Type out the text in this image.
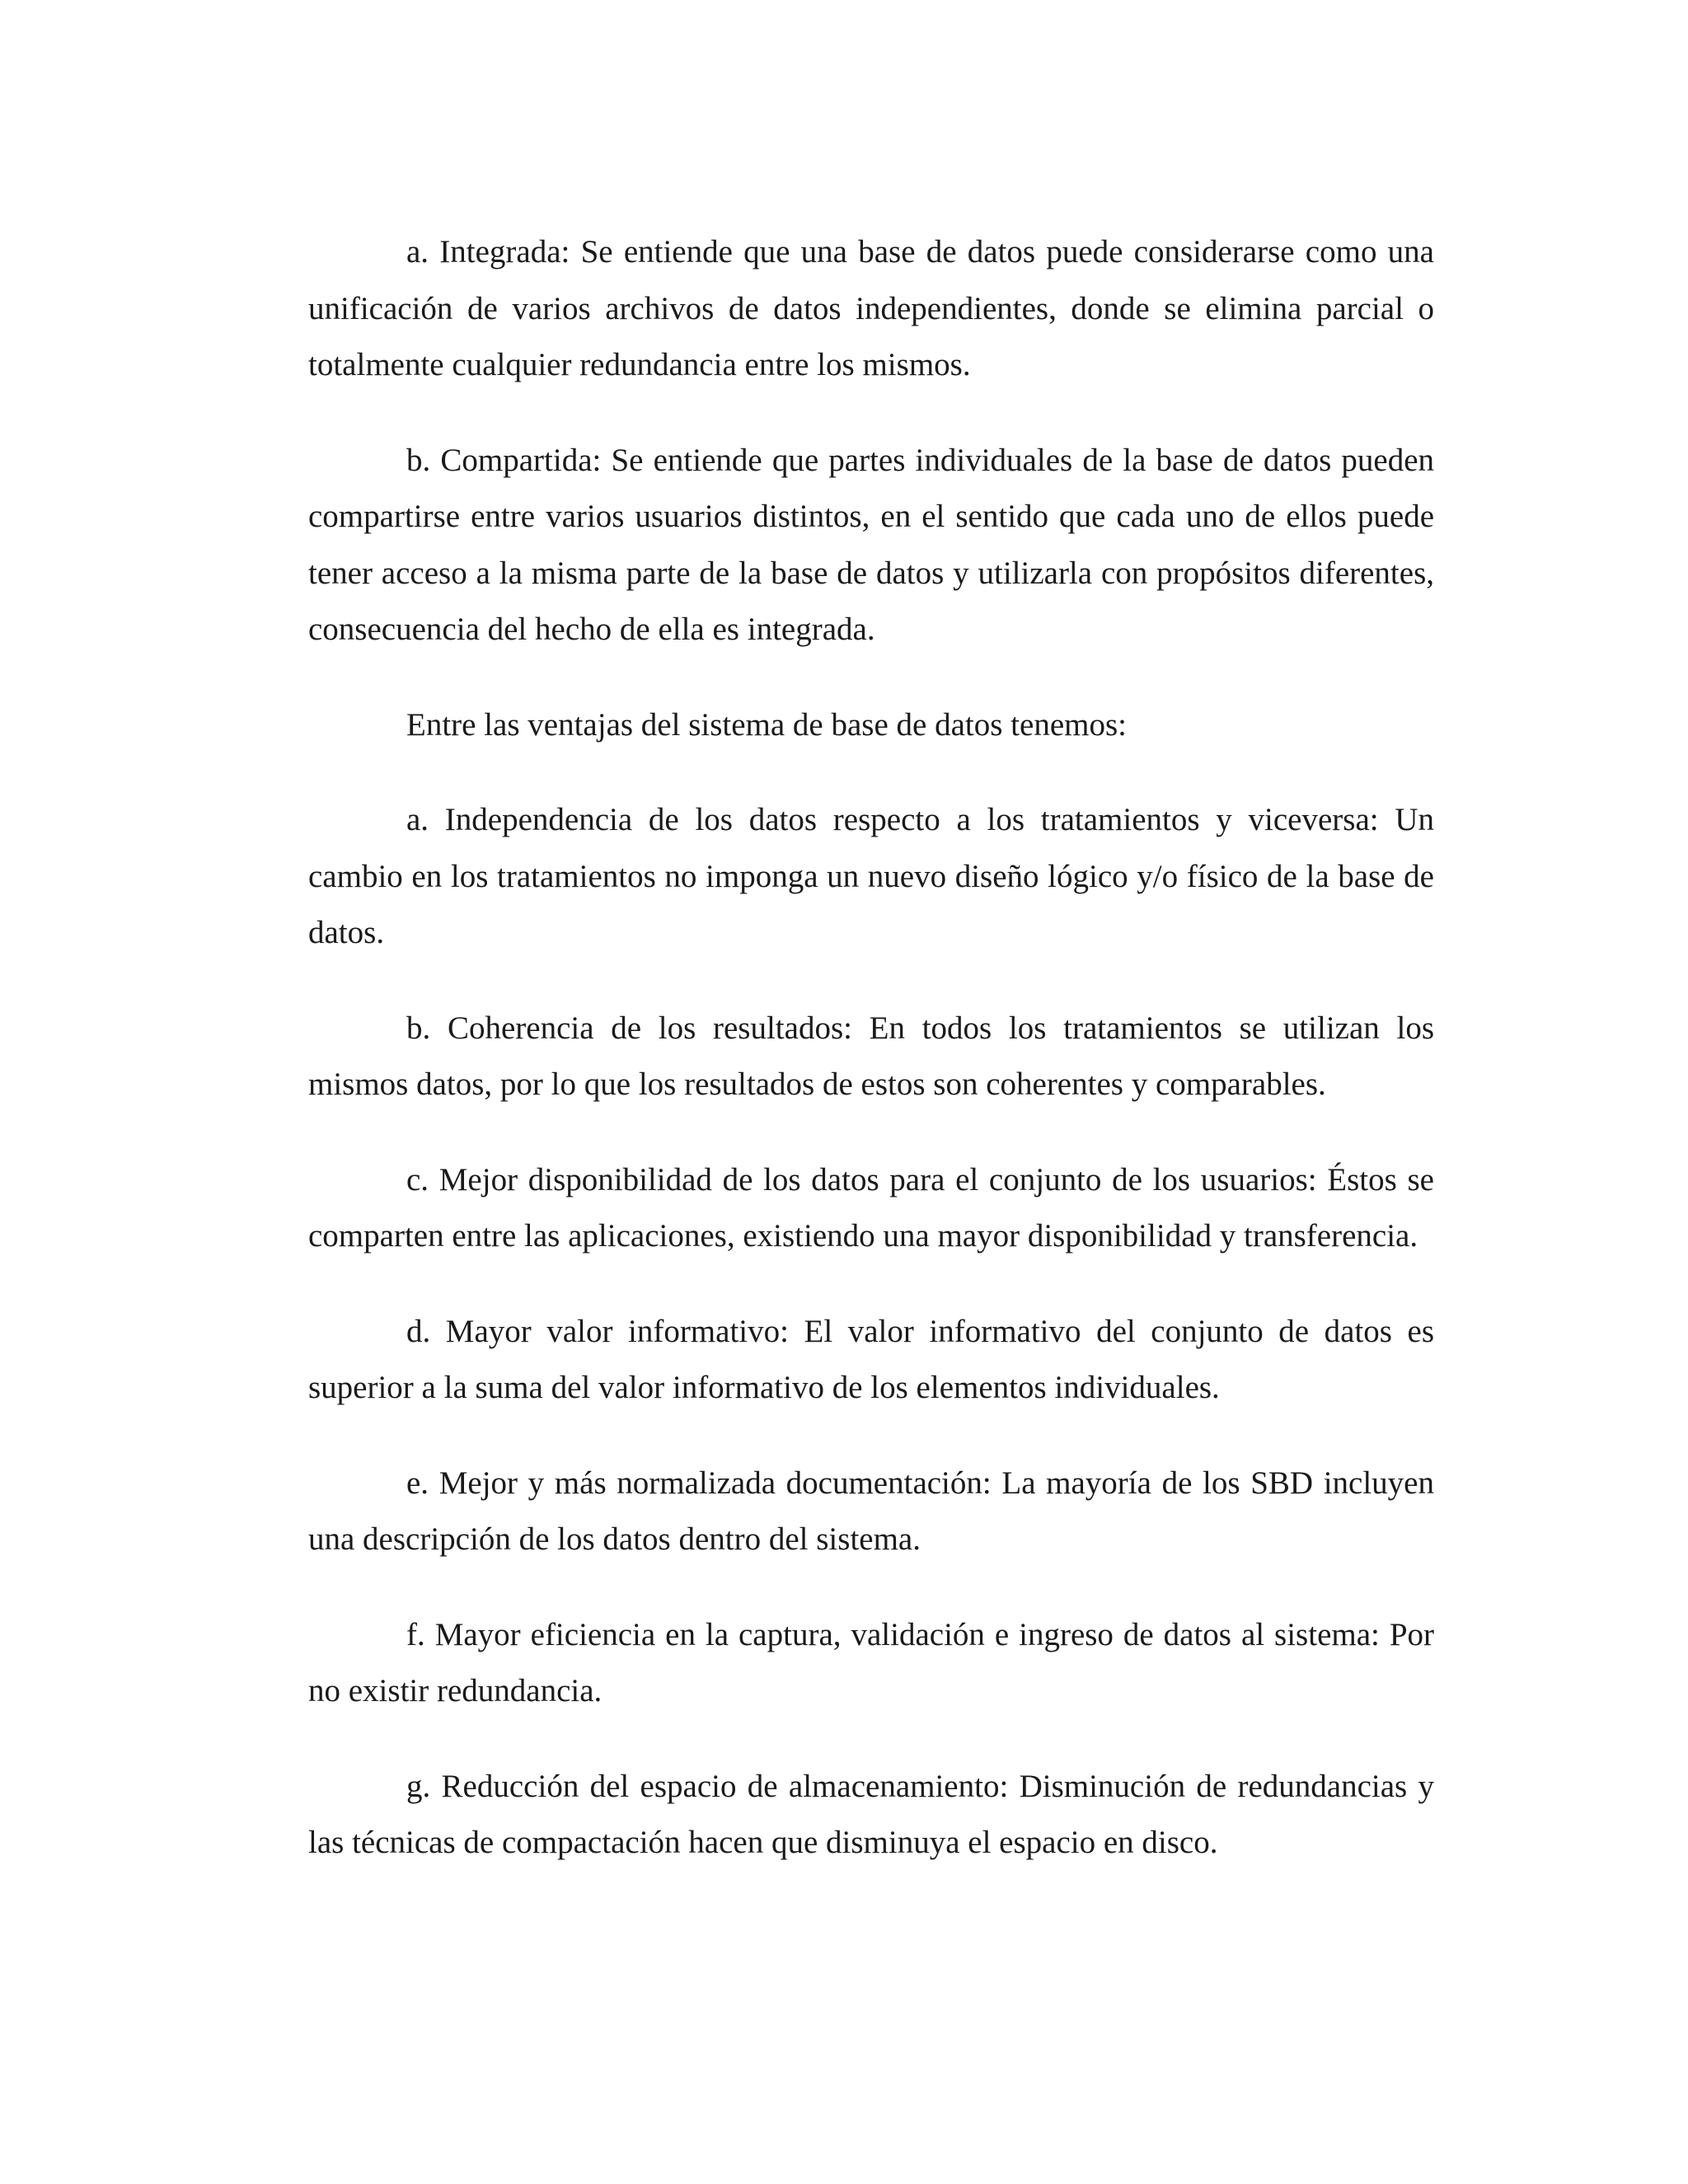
a. Integrada: Se entiende que una base de datos puede considerarse como una unificación de varios archivos de datos independientes, donde se elimina parcial o totalmente cualquier redundancia entre los mismos.

b. Compartida: Se entiende que partes individuales de la base de datos pueden compartirse entre varios usuarios distintos, en el sentido que cada uno de ellos puede tener acceso a la misma parte de la base de datos y utilizarla con propósitos diferentes, consecuencia del hecho de ella es integrada.

Entre las ventajas del sistema de base de datos tenemos:

a. Independencia de los datos respecto a los tratamientos y viceversa: Un cambio en los tratamientos no imponga un nuevo diseño lógico y/o físico de la base de datos.

b. Coherencia de los resultados: En todos los tratamientos se utilizan los mismos datos, por lo que los resultados de estos son coherentes y comparables.

c. Mejor disponibilidad de los datos para el conjunto de los usuarios: Éstos se comparten entre las aplicaciones, existiendo una mayor disponibilidad y transferencia.

d. Mayor valor informativo: El valor informativo del conjunto de datos es superior a la suma del valor informativo de los elementos individuales.

e. Mejor y más normalizada documentación: La mayoría de los SBD incluyen una descripción de los datos dentro del sistema.

f. Mayor eficiencia en la captura, validación e ingreso de datos al sistema: Por no existir redundancia.

g. Reducción del espacio de almacenamiento: Disminución de redundancias y las técnicas de compactación hacen que disminuya el espacio en disco.
